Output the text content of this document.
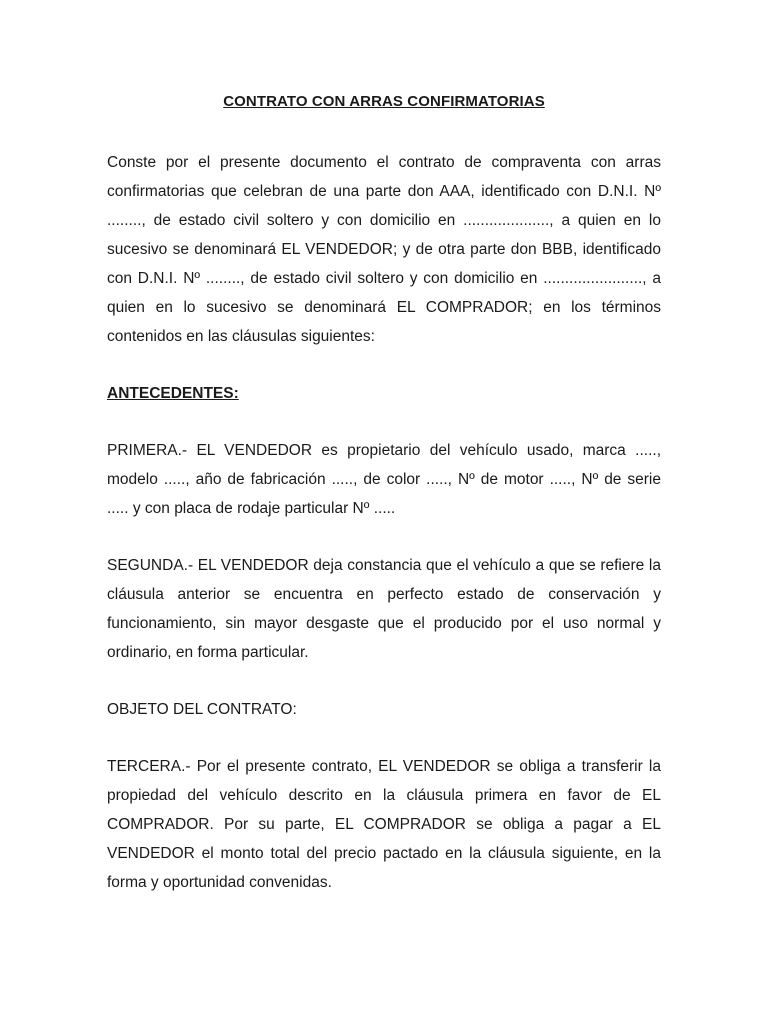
CONTRATO CON ARRAS CONFIRMATORIAS

Conste por el presente documento el contrato de compraventa con arras confirmatorias que celebran de una parte don AAA, identificado con D.N.I. Nº ........, de estado civil soltero y con domicilio en ...................., a quien en lo sucesivo se denominará EL VENDEDOR; y de otra parte don BBB, identificado con D.N.I. Nº ........, de estado civil soltero y con domicilio en ......................., a quien en lo sucesivo se denominará EL COMPRADOR; en los términos contenidos en las cláusulas siguientes:

ANTECEDENTES:

PRIMERA.- EL VENDEDOR es propietario del vehículo usado, marca ....., modelo ....., año de fabricación ....., de color ....., Nº de motor ....., Nº de serie ..... y con placa de rodaje particular Nº .....

SEGUNDA.- EL VENDEDOR deja constancia que el vehículo a que se refiere la cláusula anterior se encuentra en perfecto estado de conservación y funcionamiento, sin mayor desgaste que el producido por el uso normal y ordinario, en forma particular.

OBJETO DEL CONTRATO:

TERCERA.- Por el presente contrato, EL VENDEDOR se obliga a transferir la propiedad del vehículo descrito en la cláusula primera en favor de EL COMPRADOR. Por su parte, EL COMPRADOR se obliga a pagar a EL VENDEDOR el monto total del precio pactado en la cláusula siguiente, en la forma y oportunidad convenidas.
